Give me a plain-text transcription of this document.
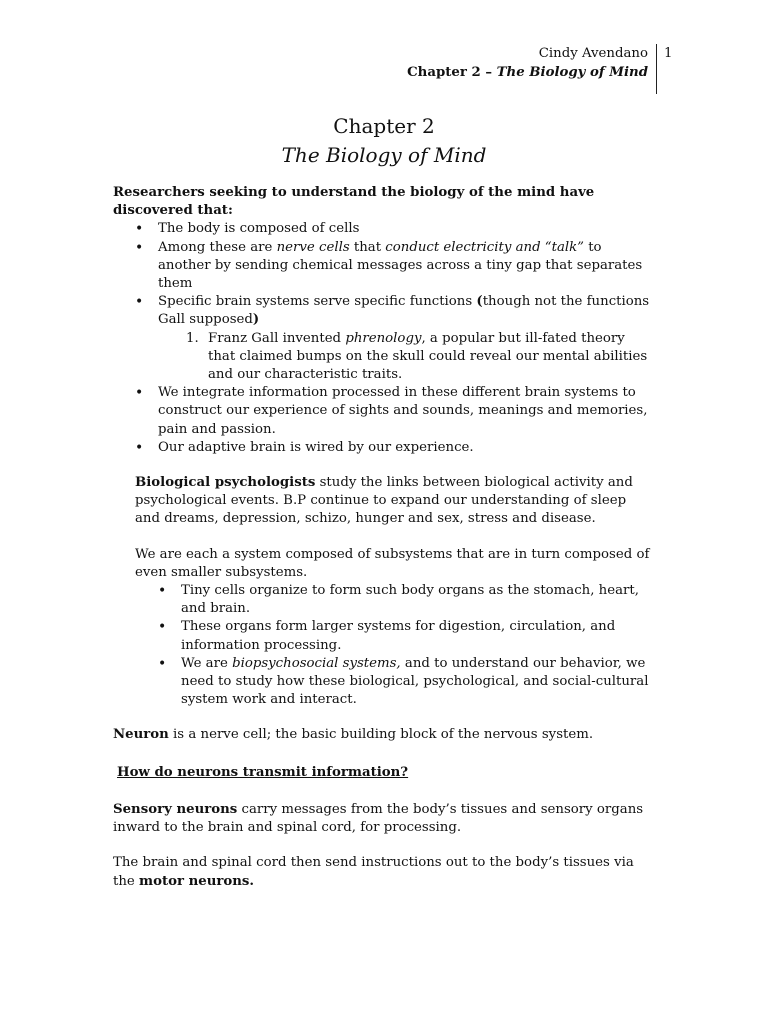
Cindy Avendano
Chapter 2 – The Biology of Mind
1
Chapter 2
The Biology of Mind

Researchers seeking to understand the biology of the mind have discovered that:

• The body is composed of cells
• Among these are nerve cells that conduct electricity and “talk” to another by sending chemical messages across a tiny gap that separates them
• Specific brain systems serve specific functions (though not the functions Gall supposed)
1. Franz Gall invented phrenology, a popular but ill-fated theory that claimed bumps on the skull could reveal our mental abilities and our characteristic traits.
• We integrate information processed in these different brain systems to construct our experience of sights and sounds, meanings and memories, pain and passion.
• Our adaptive brain is wired by our experience.

Biological psychologists study the links between biological activity and psychological events. B.P continue to expand our understanding of sleep and dreams, depression, schizo, hunger and sex, stress and disease.

We are each a system composed of subsystems that are in turn composed of even smaller subsystems.

• Tiny cells organize to form such body organs as the stomach, heart, and brain.
• These organs form larger systems for digestion, circulation, and information processing.
• We are biopsychosocial systems, and to understand our behavior, we need to study how these biological, psychological, and social-cultural system work and interact.

Neuron is a nerve cell; the basic building block of the nervous system.

How do neurons transmit information?

Sensory neurons carry messages from the body’s tissues and sensory organs inward to the brain and spinal cord, for processing.

The brain and spinal cord then send instructions out to the body’s tissues via the motor neurons.
